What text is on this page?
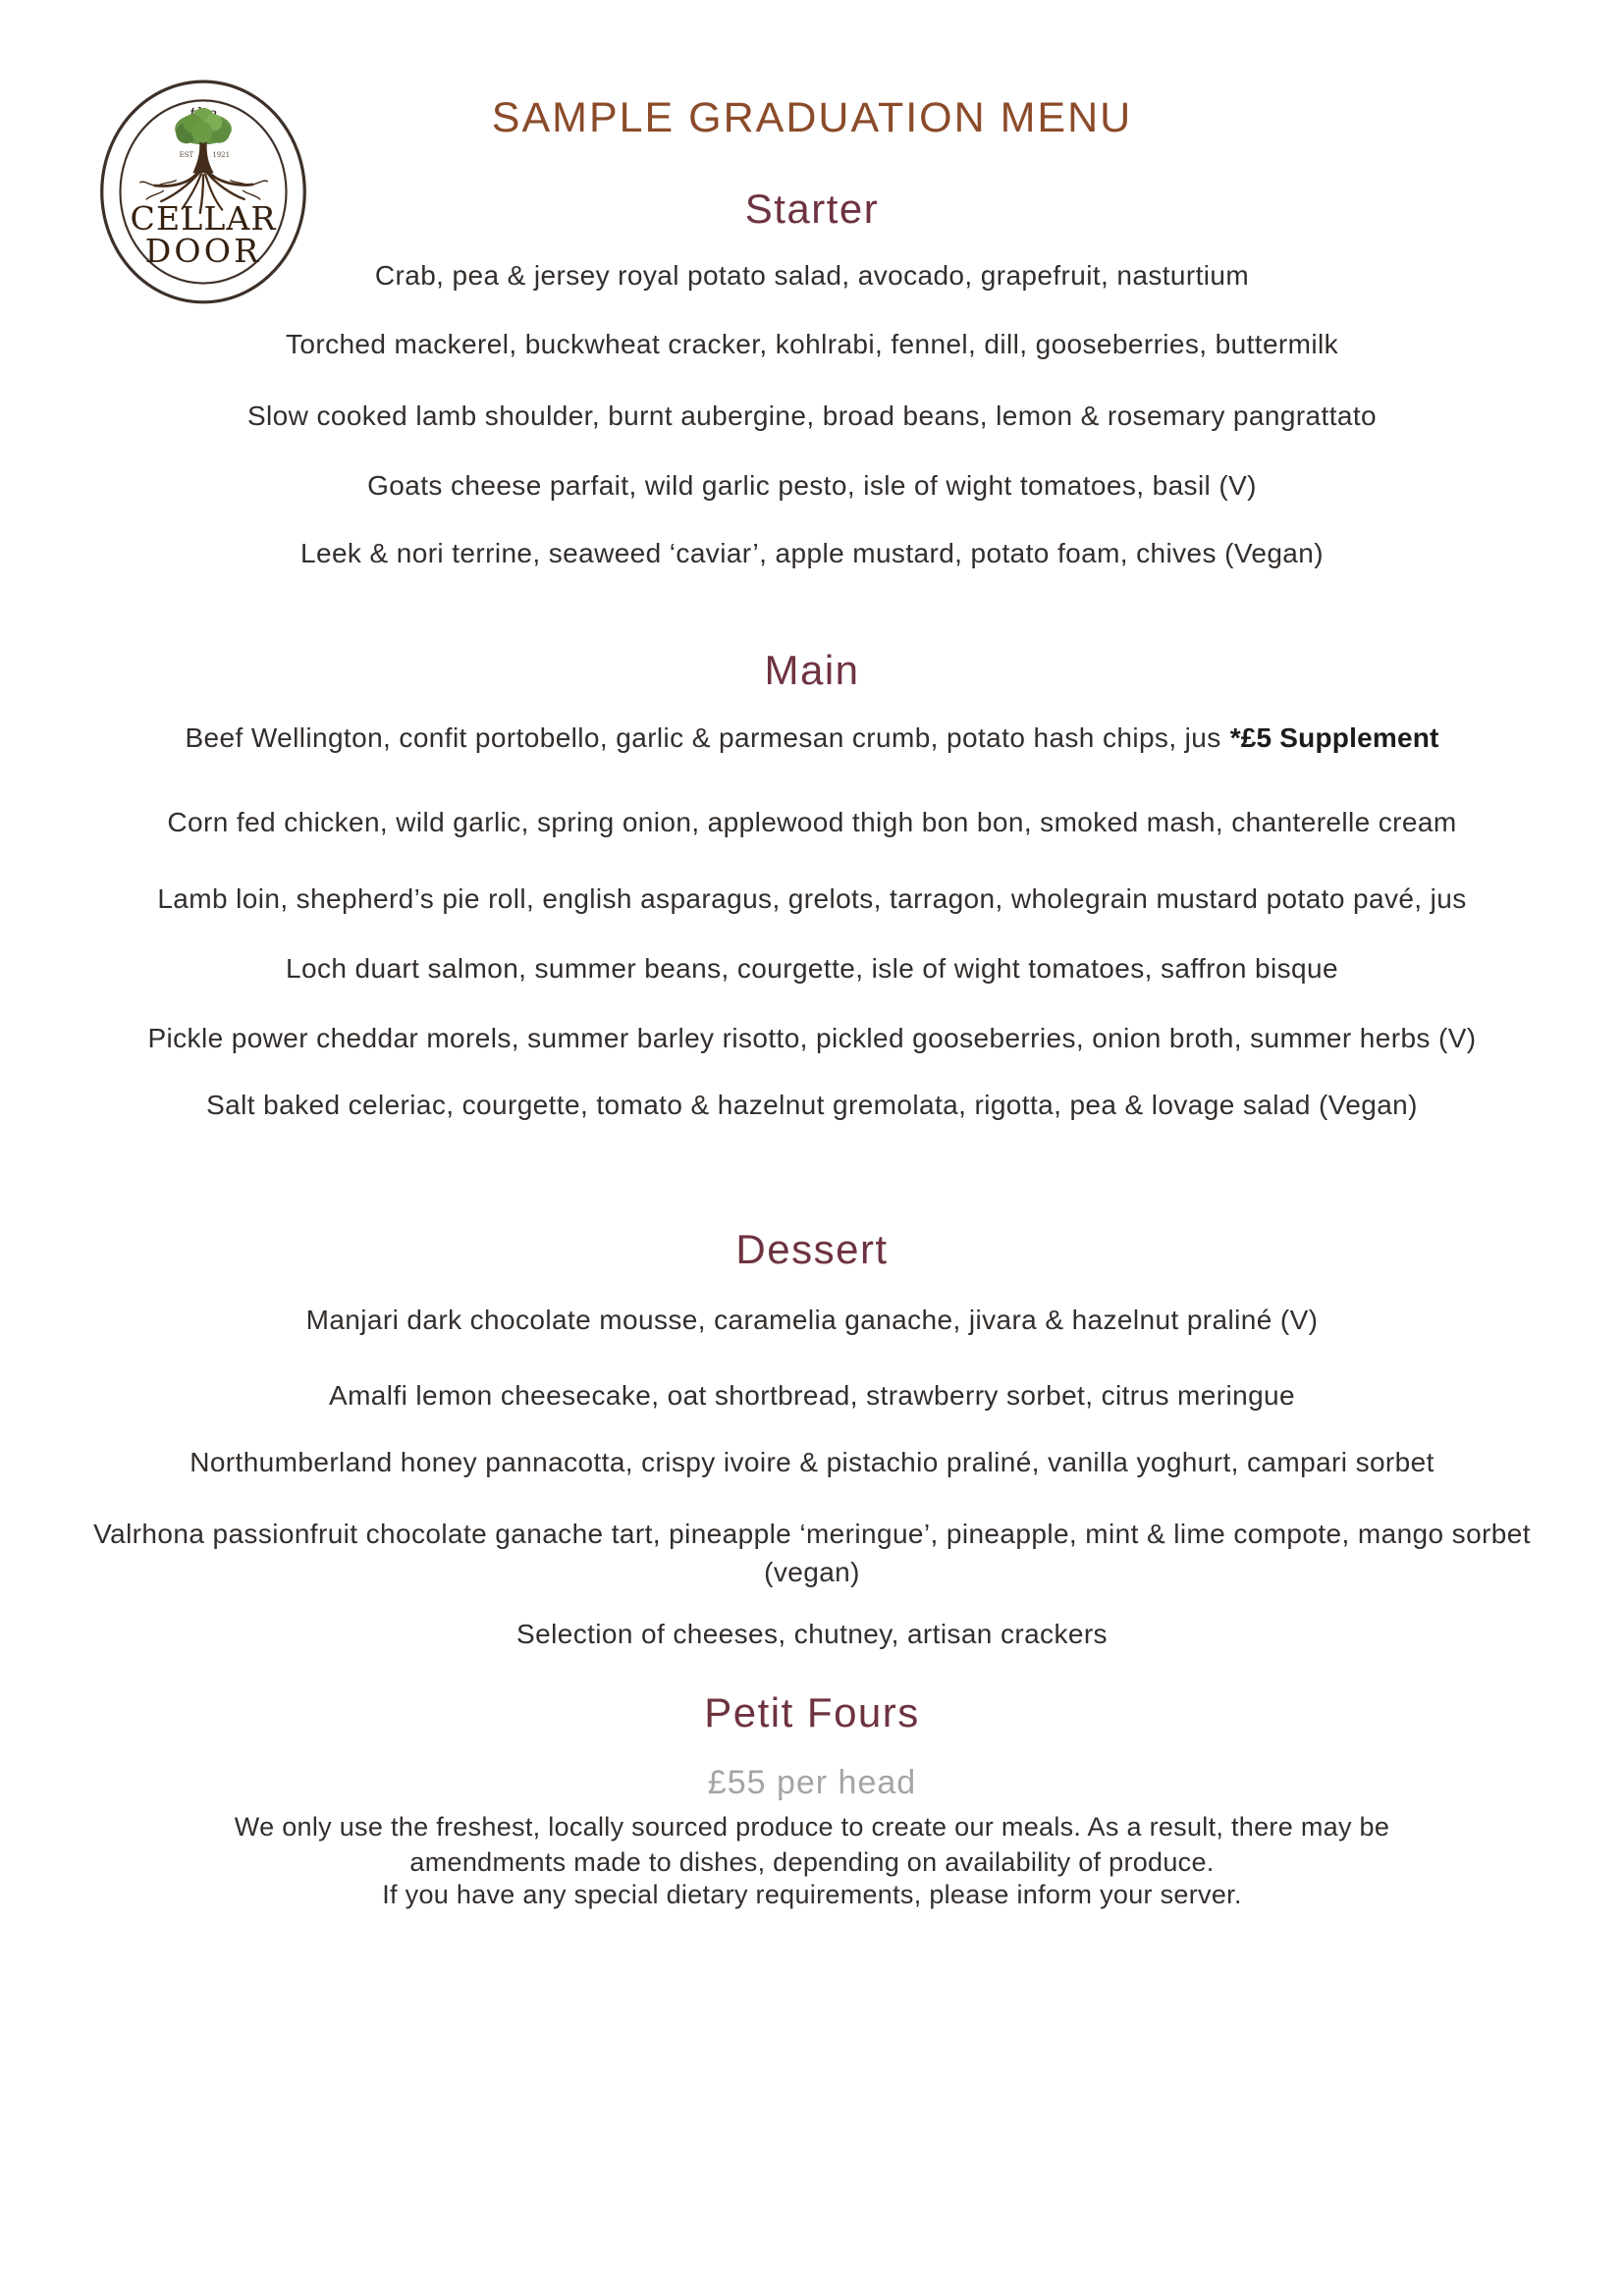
EST	1921
CELLAR
DOOR
SAMPLE GRADUATION MENU
Starter
Crab, pea & jersey royal potato salad, avocado, grapefruit, nasturtium
Torched mackerel, buckwheat cracker, kohlrabi, fennel, dill, gooseberries, buttermilk
Slow cooked lamb shoulder, burnt aubergine, broad beans, lemon & rosemary pangrattato
Goats cheese parfait, wild garlic pesto, isle of wight tomatoes, basil (V)
Leek & nori terrine, seaweed ‘caviar’, apple mustard, potato foam, chives (Vegan)
Main
Beef Wellington, confit portobello, garlic & parmesan crumb, potato hash chips, jus *£5 Supplement
Corn fed chicken, wild garlic, spring onion, applewood thigh bon bon, smoked mash, chanterelle cream
Lamb loin, shepherd’s pie roll, english asparagus, grelots, tarragon, wholegrain mustard potato pavé, jus
Loch duart salmon, summer beans, courgette, isle of wight tomatoes, saffron bisque
Pickle power cheddar morels, summer barley risotto, pickled gooseberries, onion broth, summer herbs (V)
Salt baked celeriac, courgette, tomato & hazelnut gremolata, rigotta, pea & lovage salad (Vegan)
Dessert
Manjari dark chocolate mousse, caramelia ganache, jivara & hazelnut praliné (V)
Amalfi lemon cheesecake, oat shortbread, strawberry sorbet, citrus meringue
Northumberland honey pannacotta, crispy ivoire & pistachio praliné, vanilla yoghurt, campari sorbet
Valrhona passionfruit chocolate ganache tart, pineapple ‘meringue’, pineapple, mint & lime compote, mango sorbet (vegan)
Selection of cheeses, chutney, artisan crackers
Petit Fours
£55 per head
We only use the freshest, locally sourced produce to create our meals. As a result, there may be
amendments made to dishes, depending on availability of produce.
If you have any special dietary requirements, please inform your server.
